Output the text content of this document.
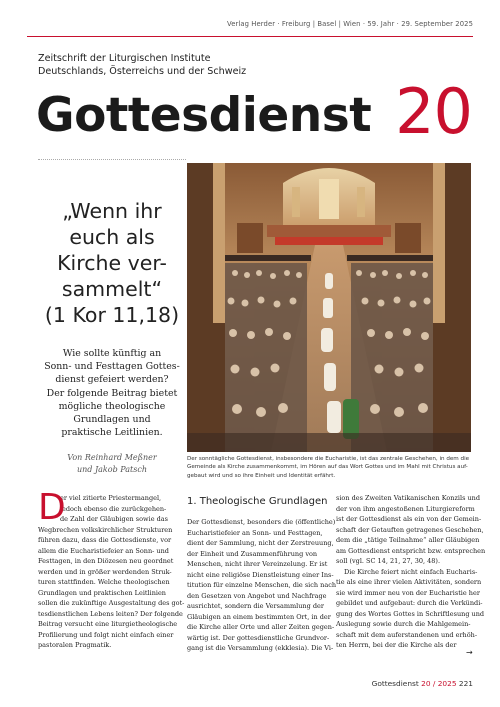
Verlag Herder · Freiburg | Basel | Wien · 59. Jahr · 29. September 2025
Zeitschrift der Liturgischen Institute
Deutschlands, Österreichs und der Schweiz
Gottesdienst 20
„Wenn ihr
euch als
Kirche ver-
sammelt“
(1 Kor 11,18)
Wie sollte künftig an
Sonn- und Festtagen Gottes-
dienst gefeiert werden?
Der folgende Beitrag bietet
mögliche theologische
Grundlagen und
praktische Leitlinien.
Von Reinhard Meßner
und Jakob Patsch
Der sonntägliche Gottesdienst, insbesondere die Eucharistie, ist das zentrale Geschehen, in dem die
Gemeinde als Kirche zusammenkommt, im Hören auf das Wort Gottes und im Mahl mit Christus auf-
gebaut wird und so ihre Einheit und Identität erfährt.
D
er viel zitierte Priestermangel,
jedoch ebenso die zurückgehen-
de Zahl der Gläubigen sowie das
Wegbrechen volkskirchlicher Strukturen
führen dazu, dass die Gottesdienste, vor
allem die Eucharistiefeier an Sonn- und
Festtagen, in den Diözesen neu geordnet
werden und in größer werdenden Struk-
turen stattfinden. Welche theologischen
Grundlagen und praktischen Leitlinien
sollen die zukünftige Ausgestaltung des got-
tesdienstlichen Lebens leiten? Der folgende
Beitrag versucht eine liturgietheologische
Profilierung und folgt nicht einfach einer
pastoralen Pragmatik.
1. Theologische Grundlagen
Der Gottesdienst, besonders die (öffentliche)
Eucharistiefeier an Sonn- und Festtagen,
dient der Sammlung, nicht der Zerstreuung,
der Einheit und Zusammenführung von
Menschen, nicht ihrer Vereinzelung. Er ist
nicht eine religiöse Dienstleistung einer Ins-
titution für einzelne Menschen, die sich nach
den Gesetzen von Angebot und Nachfrage
ausrichtet, sondern die Versammlung der
Gläubigen an einem bestimmten Ort, in der
die Kirche aller Orte und aller Zeiten gegen-
wärtig ist. Der gottesdienstliche Grundvor-
gang ist die Versammlung (ekklesia). Die Vi-
sion des Zweiten Vatikanischen Konzils und
der von ihm angestoßenen Liturgiereform
ist der Gottesdienst als ein von der Gemein-
schaft der Getauften getragenes Geschehen,
dem die „tätige Teilnahme“ aller Gläubigen
am Gottesdienst entspricht bzw. entsprechen
soll (vgl. SC 14, 21, 27, 30, 48).
Die Kirche feiert nicht einfach Eucharis-
tie als eine ihrer vielen Aktivitäten, sondern
sie wird immer neu von der Eucharistie her
gebildet und aufgebaut: durch die Verkündi-
gung des Wortes Gottes in Schriftlesung und
Auslegung sowie durch die Mahlgemein-
schaft mit dem auferstandenen und erhöh-
ten Herrn, bei der die Kirche als der
→
Gottesdienst 20 / 2025 221
